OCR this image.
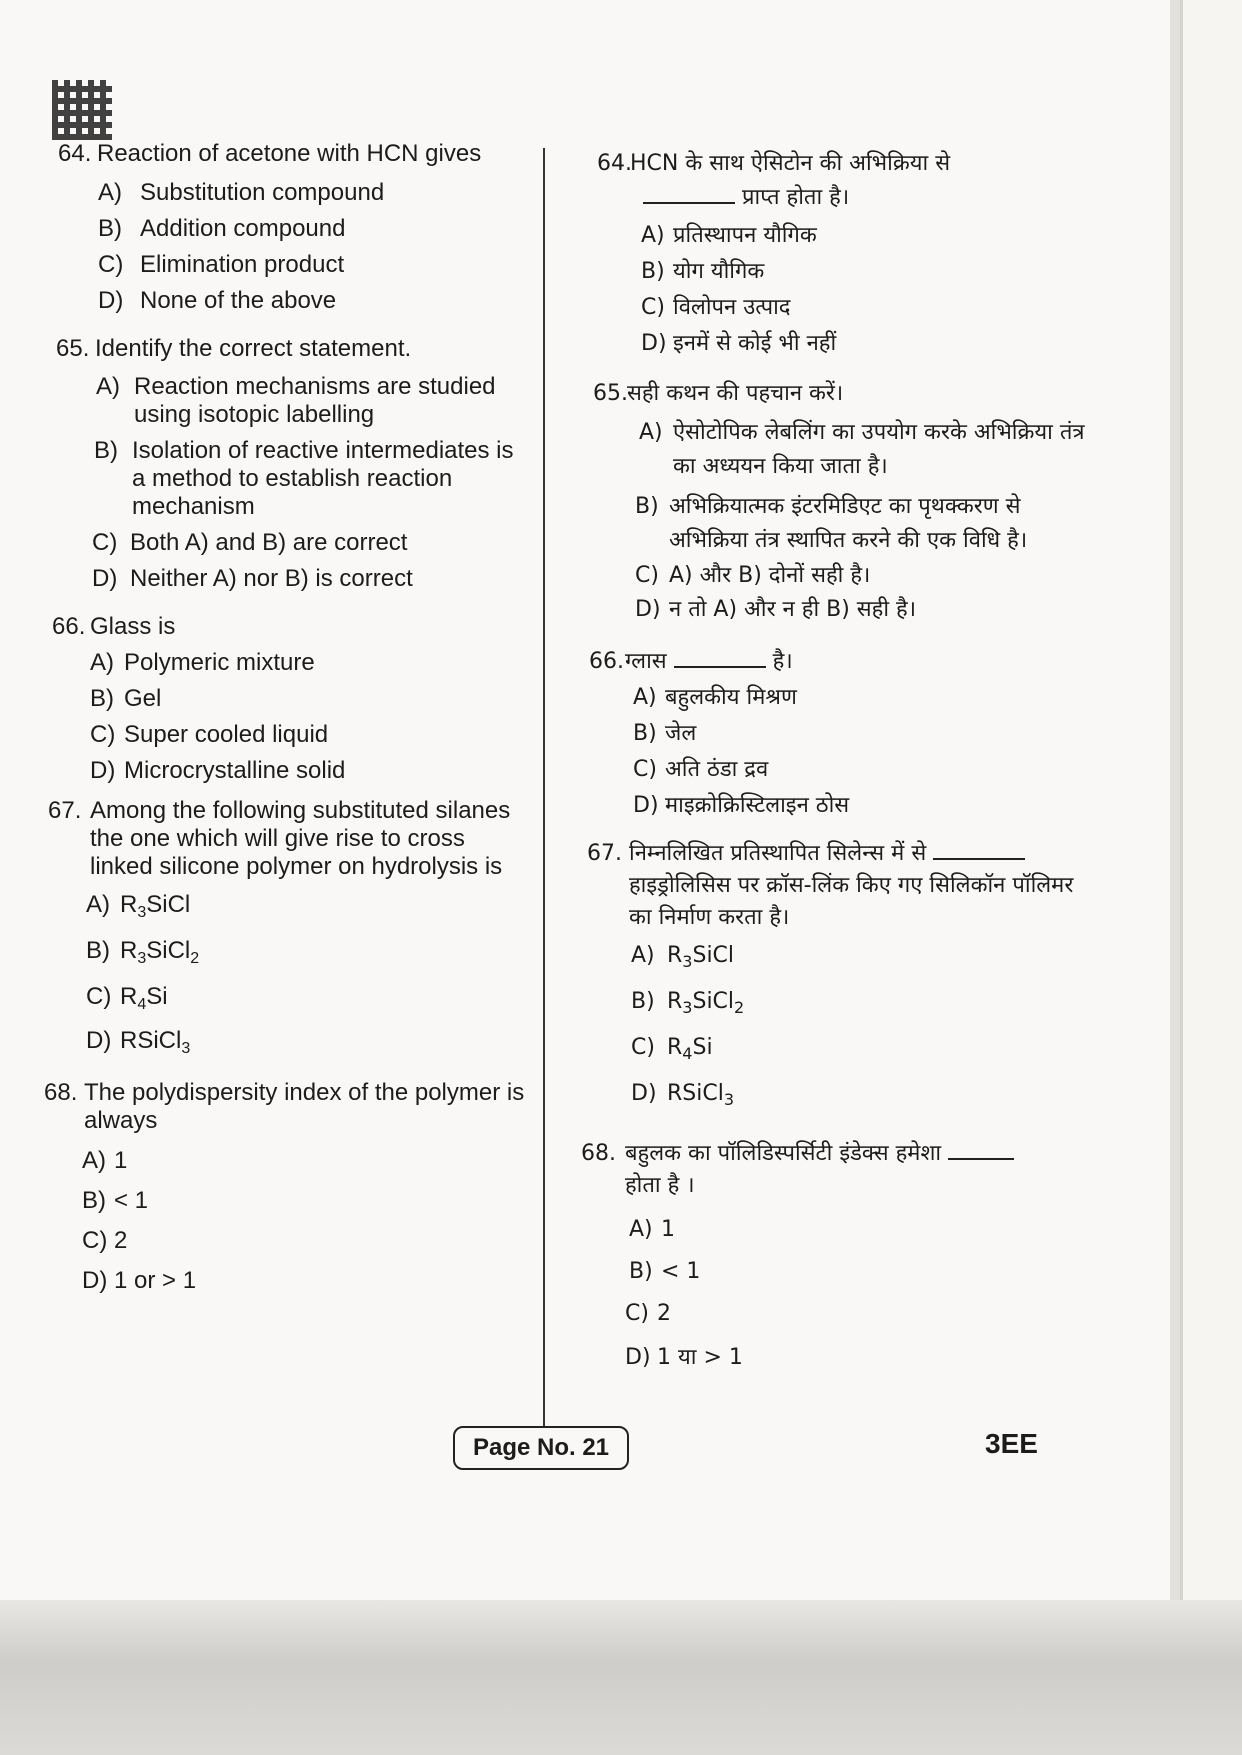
64. Reaction of acetone with HCN gives
A) Substitution compound
B) Addition compound
C) Elimination product
D) None of the above
65. Identify the correct statement.
A) Reaction mechanisms are studied using isotopic labelling
B) Isolation of reactive intermediates is a method to establish reaction mechanism
C) Both A) and B) are correct
D) Neither A) nor B) is correct
66. Glass is
A) Polymeric mixture
B) Gel
C) Super cooled liquid
D) Microcrystalline solid
67. Among the following substituted silanes the one which will give rise to cross linked silicone polymer on hydrolysis is
A) $R_3SiCl$
B) $R_3SiCl_2$
C) $R_4Si$
D) RSiCl$_3$
68. The polydispersity index of the polymer is always
A) 1
B) < 1
C) 2
D) 1 or > 1
64.
HCN के साथ ऐसिटोन की अभिक्रिया से
प्राप्त होता है।
A) प्रतिस्थापन यौगिक
B) योग यौगिक
C) विलोपन उत्पाद
D) इनमें से कोई भी नहीं
65. सही कथन की पहचान करें।
A) ऐसोटोपिक लेबलिंग का उपयोग करके अभिक्रिया तंत्र का अध्ययन किया जाता है।
B) अभिक्रियात्मक इंटरमिडिएट का पृथक्करण से अभिक्रिया तंत्र स्थापित करने की एक विधि है।
C) A) और B) दोनों सही है।
D) न तो A) और न ही B) सही है।
66. ग्लास	है।
A) बहुलकीय मिश्रण
B) जेल
C) अति ठंडा द्रव
D) माइक्रोक्रिस्टिलाइन ठोस
67. निम्नलिखित प्रतिस्थापित सिलेन्स में से  हाइड्रोलिसिस पर क्रॉस-लिंक किए गए सिलिकॉन पॉलिमर का निर्माण करता है।
A) $R_3SiCl$
B) $R_3SiCl_2$
C) $R_4Si$
D) RSiCl$_3$
68. बहुलक का पॉलिडिस्पर्सिटी इंडेक्स हमेशा
होता है ।
A) 1
B) < 1
C) 2
D) 1 या > 1
Page No. 21	3EE
